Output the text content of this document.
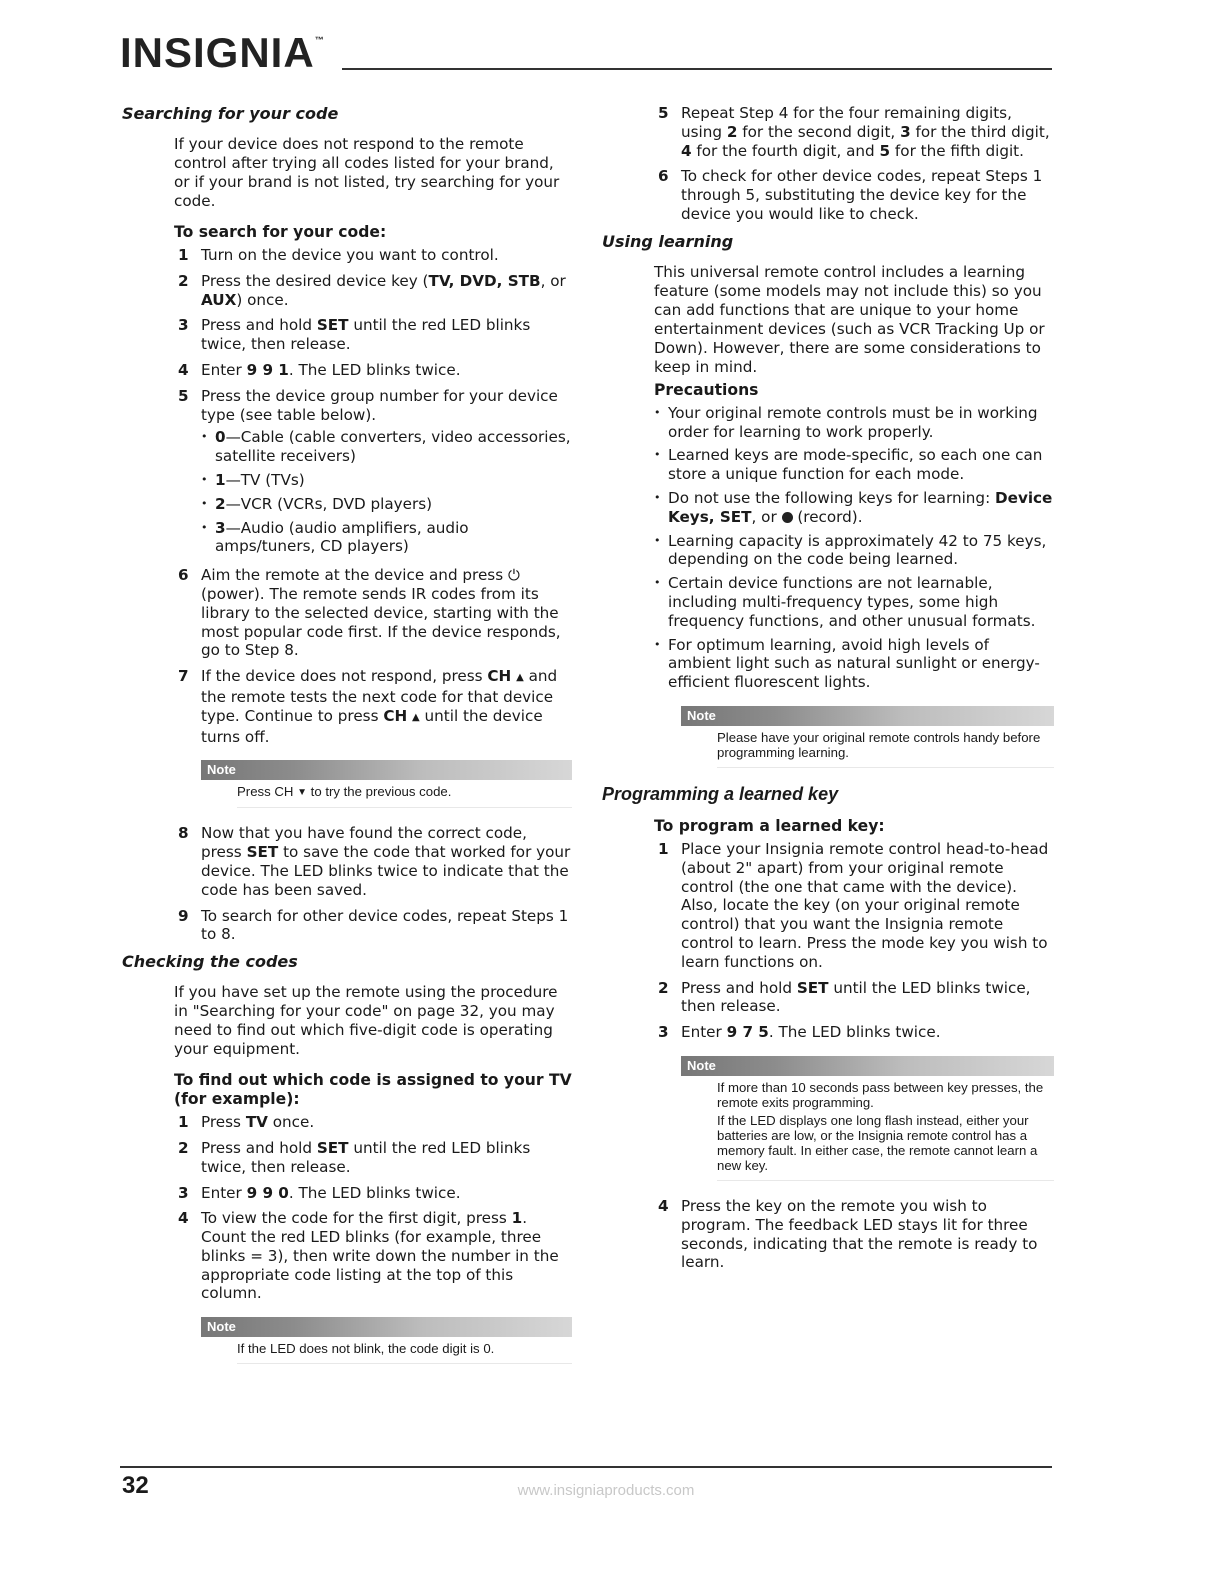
INSIGNIA™
Searching for your code

If your device does not respond to the remote control after trying all codes listed for your brand, or if your brand is not listed, try searching for your code.

To search for your code:
1 Turn on the device you want to control.
2 Press the desired device key (TV, DVD, STB, or AUX) once.
3 Press and hold SET until the red LED blinks twice, then release.
4 Enter 9 9 1. The LED blinks twice.
5 Press the device group number for your device type (see table below).
• 0—Cable (cable converters, video accessories, satellite receivers)
• 1—TV (TVs)
• 2—VCR (VCRs, DVD players)
• 3—Audio (audio amplifiers, audio amps/tuners, CD players)
6 Aim the remote at the device and press ⏻ (power). The remote sends IR codes from its library to the selected device, starting with the most popular code first. If the device responds, go to Step 8.
7 If the device does not respond, press CH ▲ and the remote tests the next code for that device type. Continue to press CH ▲ until the device turns off.
Note

Press CH ▼ to try the previous code.

8 Now that you have found the correct code, press SET to save the code that worked for your device. The LED blinks twice to indicate that the code has been saved.
9 To search for other device codes, repeat Steps 1 to 8.
Checking the codes

If you have set up the remote using the procedure in "Searching for your code" on page 32, you may need to find out which five-digit code is operating your equipment.

To find out which code is assigned to your TV (for example):
1 Press TV once.
2 Press and hold SET until the red LED blinks twice, then release.
3 Enter 9 9 0. The LED blinks twice.
4 To view the code for the first digit, press 1. Count the red LED blinks (for example, three blinks = 3), then write down the number in the appropriate code listing at the top of this column.
Note

If the LED does not blink, the code digit is 0.

5 Repeat Step 4 for the four remaining digits, using 2 for the second digit, 3 for the third digit, 4 for the fourth digit, and 5 for the fifth digit.
6 To check for other device codes, repeat Steps 1 through 5, substituting the device key for the device you would like to check.
Using learning

This universal remote control includes a learning feature (some models may not include this) so you can add functions that are unique to your home entertainment devices (such as VCR Tracking Up or Down). However, there are some considerations to keep in mind.

Precautions
• Your original remote controls must be in working order for learning to work properly.
• Learned keys are mode-specific, so each one can store a unique function for each mode.
• Do not use the following keys for learning: Device Keys, SET, or  (record).
• Learning capacity is approximately 42 to 75 keys, depending on the code being learned.
• Certain device functions are not learnable, including multi-frequency types, some high frequency functions, and other unusual formats.
• For optimum learning, avoid high levels of ambient light such as natural sunlight or energy-efficient fluorescent lights.
Note

Please have your original remote controls handy before programming learning.

Programming a learned key
To program a learned key:
1 Place your Insignia remote control head-to-head (about 2" apart) from your original remote control (the one that came with the device). Also, locate the key (on your original remote control) that you want the Insignia remote control to learn. Press the mode key you wish to learn functions on.
2 Press and hold SET until the LED blinks twice, then release.
3 Enter 9 7 5. The LED blinks twice.
Note

If more than 10 seconds pass between key presses, the remote exits programming.

If the LED displays one long flash instead, either your batteries are low, or the Insignia remote control has a memory fault. In either case, the remote cannot learn a new key.

4 Press the key on the remote you wish to program. The feedback LED stays lit for three seconds, indicating that the remote is ready to learn.
32	www.insigniaproducts.com
